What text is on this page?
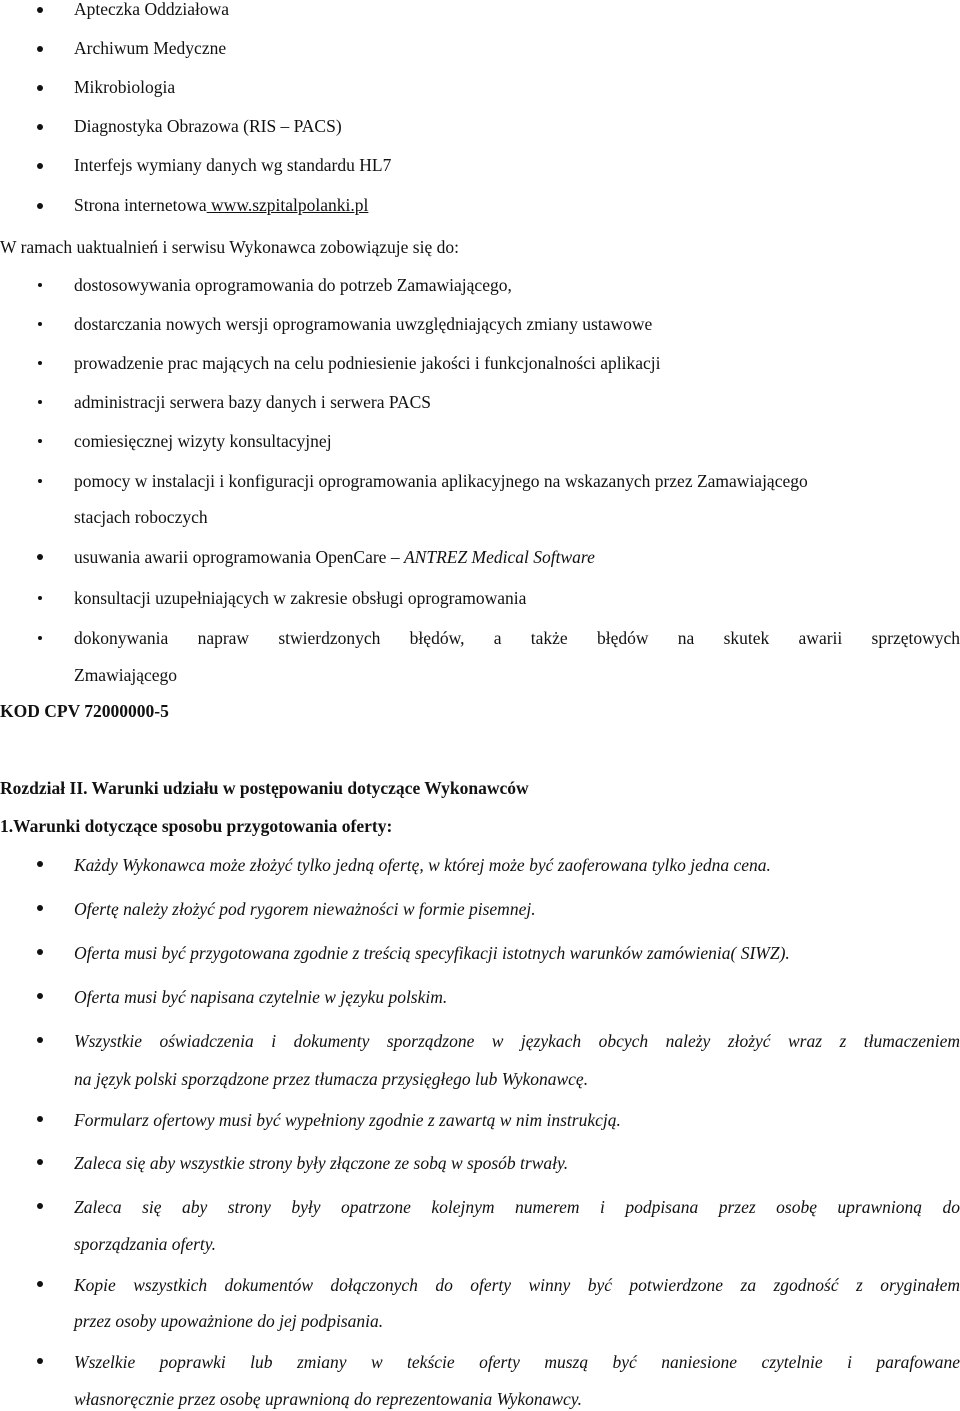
Apteczka Oddziałowa
Archiwum Medyczne
Mikrobiologia
Diagnostyka Obrazowa (RIS – PACS)
Interfejs wymiany danych wg standardu HL7
Strona internetowa www.szpitalpolanki.pl
W ramach uaktualnień i serwisu Wykonawca zobowiązuje się do:
dostosowywania oprogramowania do potrzeb Zamawiającego,
dostarczania nowych wersji oprogramowania uwzględniających zmiany ustawowe
prowadzenie prac mających na celu podniesienie jakości i funkcjonalności aplikacji
administracji serwera bazy danych i serwera PACS
comiesięcznej wizyty konsultacyjnej
pomocy w instalacji i konfiguracji oprogramowania aplikacyjnego na wskazanych przez Zamawiającego
stacjach roboczych
usuwania awarii oprogramowania OpenCare – ANTREZ Medical Software
konsultacji uzupełniających w zakresie obsługi oprogramowania
dokonywania napraw stwierdzonych błędów, a także błędów na skutek awarii sprzętowych
Zmawiającego
KOD CPV 72000000-5
Rozdział II. Warunki udziału w postępowaniu dotyczące Wykonawców
1.Warunki dotyczące sposobu przygotowania oferty:
Każdy Wykonawca może złożyć tylko jedną ofertę, w której może być zaoferowana tylko jedna cena.
Ofertę należy złożyć pod rygorem nieważności w formie pisemnej.
Oferta musi być przygotowana zgodnie z treścią specyfikacji istotnych warunków zamówienia( SIWZ).
Oferta musi być napisana czytelnie w języku polskim.
Wszystkie oświadczenia i dokumenty sporządzone w językach obcych należy złożyć wraz z tłumaczeniem
na język polski sporządzone przez tłumacza przysięgłego lub Wykonawcę.
Formularz ofertowy musi być wypełniony zgodnie z zawartą w nim instrukcją.
Zaleca się aby wszystkie strony były złączone ze sobą w sposób trwały.
Zaleca się aby strony były opatrzone kolejnym numerem i podpisana przez osobę uprawnioną do
sporządzania oferty.
Kopie wszystkich dokumentów dołączonych do oferty winny być potwierdzone za zgodność z oryginałem
przez osoby upoważnione do jej podpisania.
Wszelkie poprawki lub zmiany w tekście oferty muszą być naniesione czytelnie i parafowane
własnoręcznie przez osobę uprawnioną do reprezentowania Wykonawcy.
